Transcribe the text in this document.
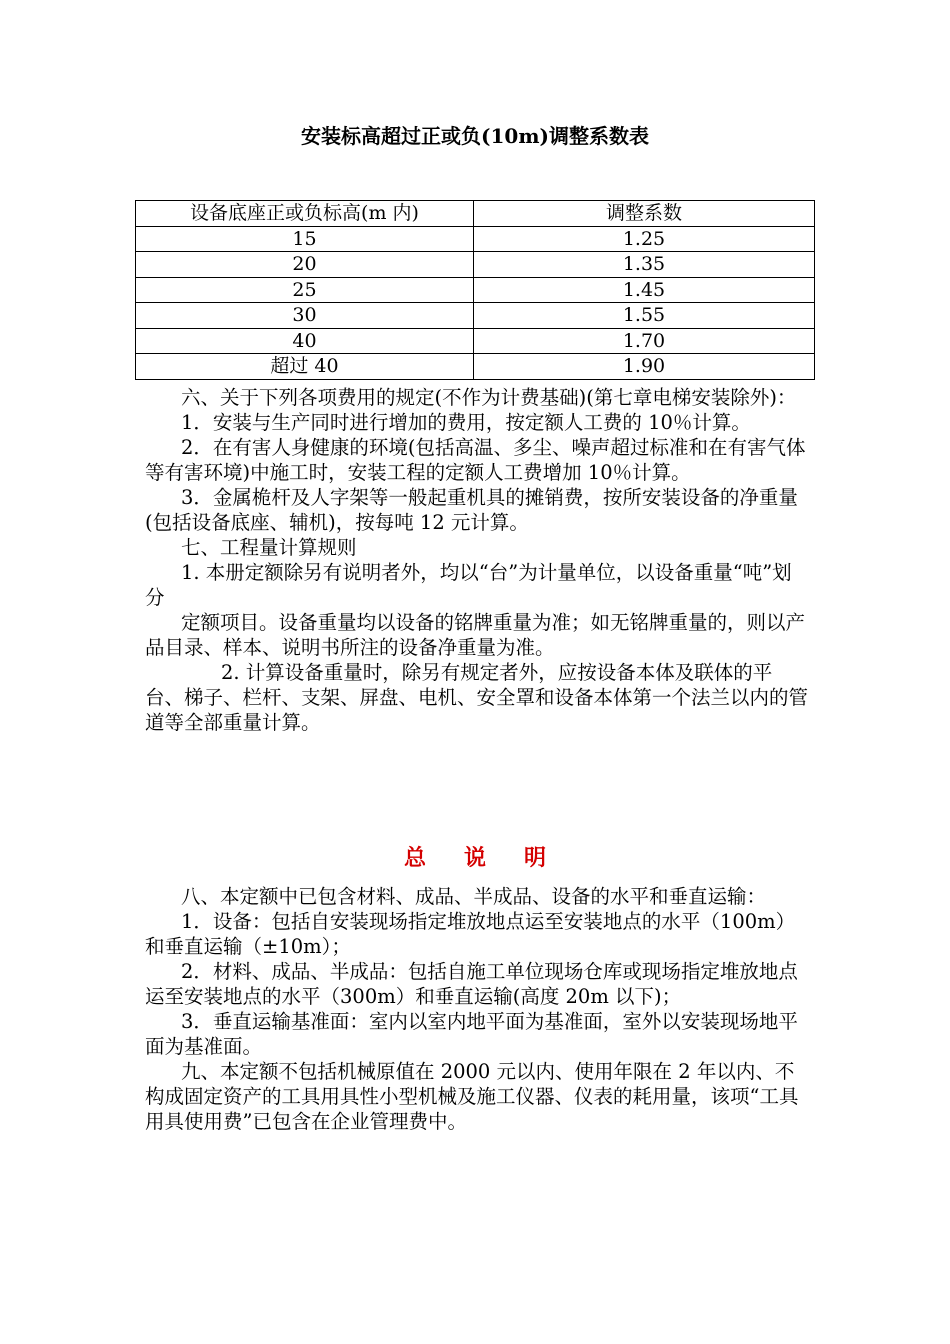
安装标高超过正或负(10m)调整系数表
设备底座正或负标高(m 内)	调整系数
15	1.25
20	1.35
25	1.45
30	1.55
40	1.70
超过 40	1.90

六、关于下列各项费用的规定(不作为计费基础)(第七章电梯安装除外)：

1．安装与生产同时进行增加的费用，按定额人工费的 10％计算。

2．在有害人身健康的环境(包括高温、多尘、噪声超过标准和在有害气体等有害环境)中施工时，安装工程的定额人工费增加 10％计算。

3．金属桅杆及人字架等一般起重机具的摊销费，按所安装设备的净重量(包括设备底座、辅机)，按每吨 12 元计算。

七、工程量计算规则

1. 本册定额除另有说明者外，均以“台”为计量单位，以设备重量“吨”划分

定额项目。设备重量均以设备的铭牌重量为准；如无铭牌重量的，则以产品目录、样本、说明书所注的设备净重量为准。

2. 计算设备重量时，除另有规定者外，应按设备本体及联体的平台、梯子、栏杆、支架、屏盘、电机、安全罩和设备本体第一个法兰以内的管道等全部重量计算。

总 说 明

八、本定额中已包含材料、成品、半成品、设备的水平和垂直运输：

1．设备：包括自安装现场指定堆放地点运至安装地点的水平（100m）和垂直运输（±10m）；

2．材料、成品、半成品：包括自施工单位现场仓库或现场指定堆放地点运至安装地点的水平（300m）和垂直运输(高度 20m 以下)；

3．垂直运输基准面：室内以室内地平面为基准面，室外以安装现场地平面为基准面。

九、本定额不包括机械原值在 2000 元以内、使用年限在 2 年以内、不构成固定资产的工具用具性小型机械及施工仪器、仪表的耗用量，该项“工具用具使用费”已包含在企业管理费中。
